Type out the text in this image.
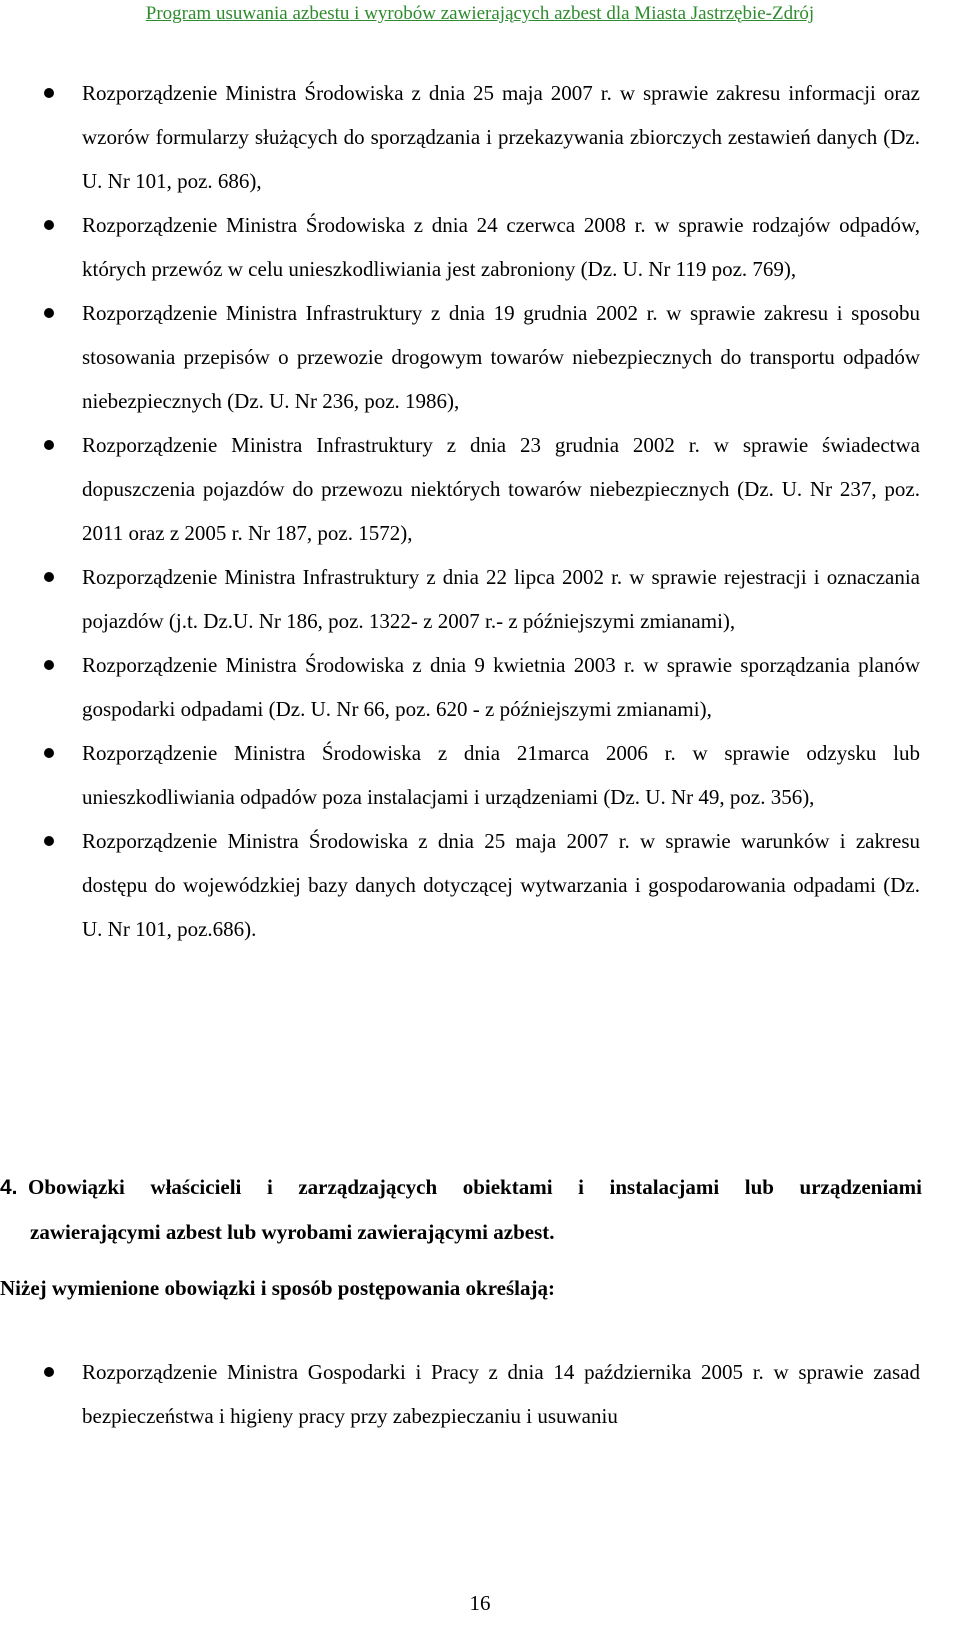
Program usuwania azbestu i wyrobów zawierających azbest dla Miasta Jastrzębie-Zdrój
Rozporządzenie Ministra Środowiska z dnia 25 maja 2007 r. w sprawie zakresu informacji oraz wzorów formularzy służących do sporządzania i przekazywania zbiorczych zestawień danych (Dz. U. Nr 101, poz. 686),
Rozporządzenie Ministra Środowiska z dnia 24 czerwca 2008 r. w sprawie rodzajów odpadów, których przewóz w celu unieszkodliwiania jest zabroniony (Dz. U. Nr 119 poz. 769),
Rozporządzenie Ministra Infrastruktury z dnia 19 grudnia 2002 r. w sprawie zakresu i sposobu stosowania przepisów o przewozie drogowym towarów niebezpiecznych do transportu odpadów niebezpiecznych (Dz. U. Nr 236, poz. 1986),
Rozporządzenie Ministra Infrastruktury z dnia 23 grudnia 2002 r. w sprawie świadectwa dopuszczenia pojazdów do przewozu niektórych towarów niebezpiecznych (Dz. U. Nr 237, poz. 2011 oraz z 2005 r. Nr 187, poz. 1572),
Rozporządzenie Ministra Infrastruktury z dnia 22 lipca 2002 r. w sprawie rejestracji i oznaczania pojazdów (j.t. Dz.U. Nr 186, poz. 1322- z 2007 r.- z późniejszymi zmianami),
Rozporządzenie Ministra Środowiska z dnia 9 kwietnia 2003 r. w sprawie sporządzania planów gospodarki odpadami (Dz. U. Nr 66, poz. 620 - z późniejszymi zmianami),
Rozporządzenie Ministra Środowiska z dnia 21marca 2006 r. w sprawie odzysku lub unieszkodliwiania odpadów poza instalacjami i urządzeniami (Dz. U. Nr 49, poz. 356),
Rozporządzenie Ministra Środowiska z dnia 25 maja 2007 r. w sprawie warunków i zakresu dostępu do wojewódzkiej bazy danych dotyczącej wytwarzania i gospodarowania odpadami (Dz. U. Nr 101, poz.686).
4. Obowiązki właścicieli i zarządzających obiektami i instalacjami lub urządzeniami
zawierającymi azbest lub wyrobami zawierającymi azbest.
Niżej wymienione obowiązki i sposób postępowania określają:
Rozporządzenie Ministra Gospodarki i Pracy z dnia 14 października 2005 r. w sprawie zasad bezpieczeństwa i higieny pracy przy zabezpieczaniu i usuwaniu
16
